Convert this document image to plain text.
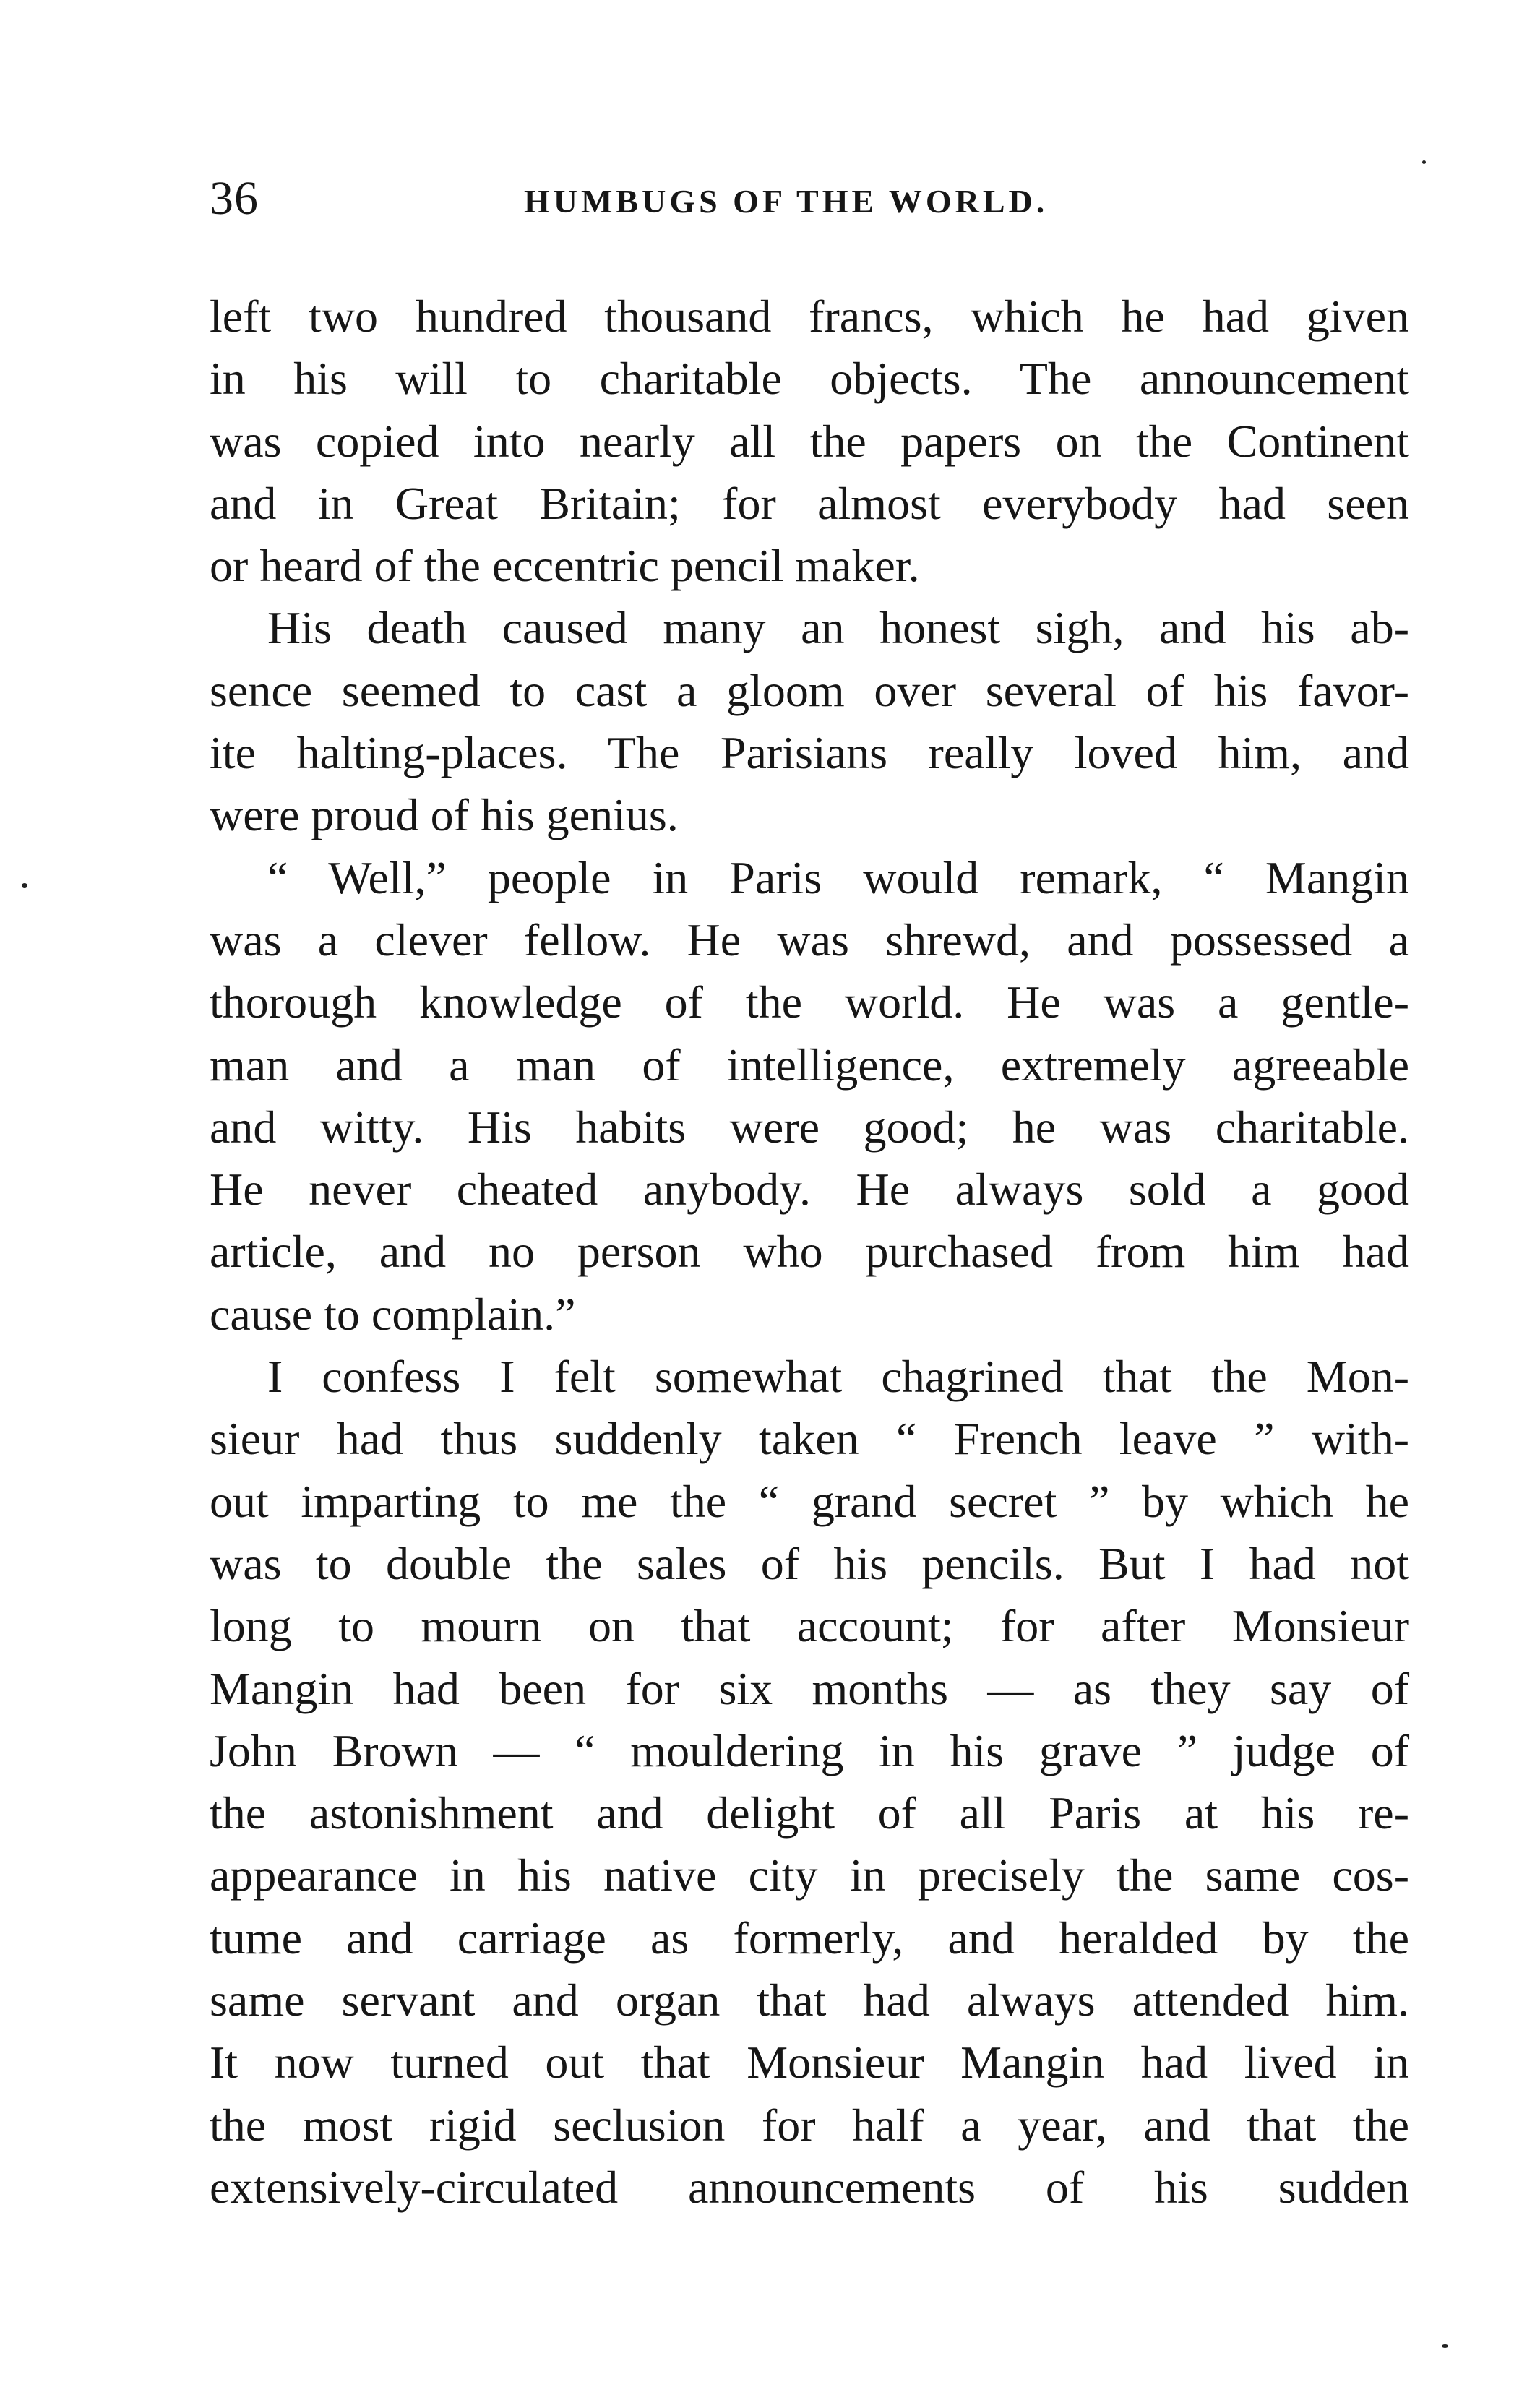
36	HUMBUGS OF THE WORLD.
left two hundred thousand francs, which he had given
in his will to charitable objects. The announcement
was copied into nearly all the papers on the Continent
and in Great Britain; for almost everybody had seen
or heard of the eccentric pencil maker.
His death caused many an honest sigh, and his ab-
sence seemed to cast a gloom over several of his favor-
ite halting-places. The Parisians really loved him, and
were proud of his genius.
“ Well,” people in Paris would remark, “ Mangin
was a clever fellow. He was shrewd, and possessed a
thorough knowledge of the world. He was a gentle-
man and a man of intelligence, extremely agreeable
and witty. His habits were good; he was charitable.
He never cheated anybody. He always sold a good
article, and no person who purchased from him had
cause to complain.”
I confess I felt somewhat chagrined that the Mon-
sieur had thus suddenly taken “ French leave ” with-
out imparting to me the “ grand secret ” by which he
was to double the sales of his pencils. But I had not
long to mourn on that account; for after Monsieur
Mangin had been for six months — as they say of
John Brown — “ mouldering in his grave ” judge of
the astonishment and delight of all Paris at his re-
appearance in his native city in precisely the same cos-
tume and carriage as formerly, and heralded by the
same servant and organ that had always attended him.
It now turned out that Monsieur Mangin had lived in
the most rigid seclusion for half a year, and that the
extensively-circulated announcements of his sudden
